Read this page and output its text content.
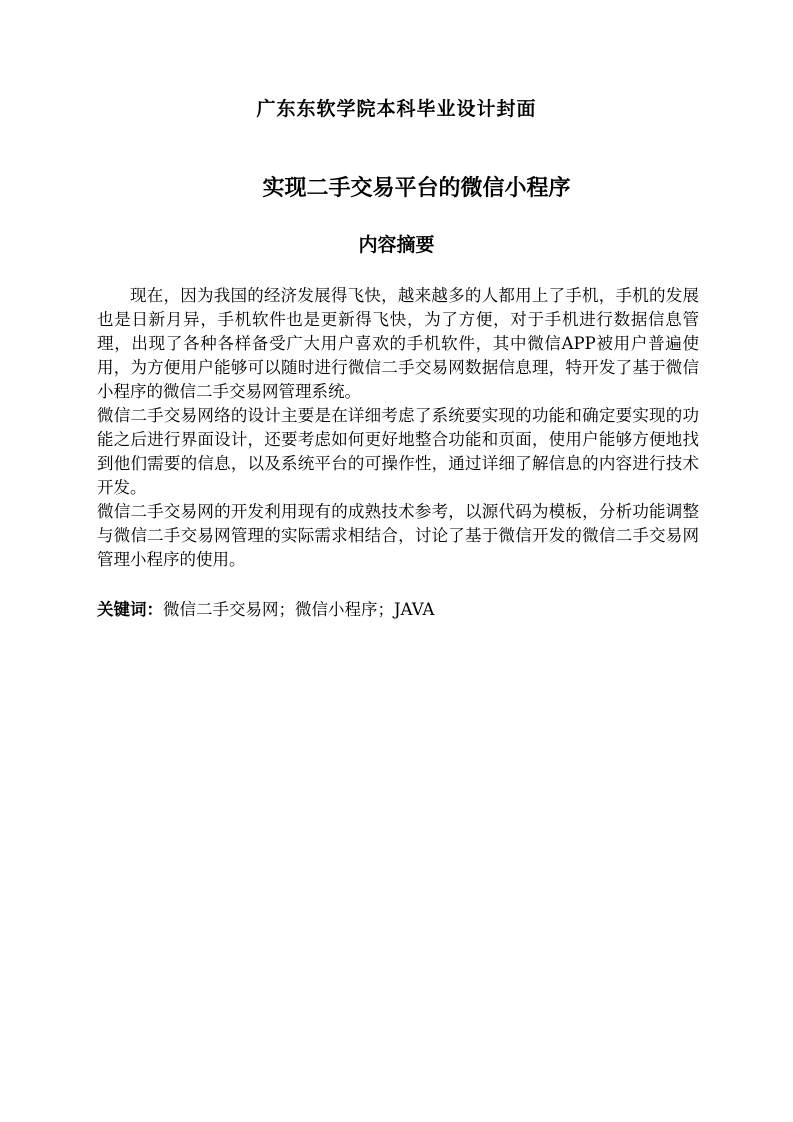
广东东软学院本科毕业设计封面
实现二手交易平台的微信小程序
内容摘要

现在，因为我国的经济发展得飞快，越来越多的人都用上了手机，手机的发展也是日新月异，手机软件也是更新得飞快，为了方便，对于手机进行数据信息管理，出现了各种各样备受广大用户喜欢的手机软件，其中微信APP被用户普遍使用，为方便用户能够可以随时进行微信二手交易网数据信息理，特开发了基于微信小程序的微信二手交易网管理系统。

微信二手交易网络的设计主要是在详细考虑了系统要实现的功能和确定要实现的功能之后进行界面设计，还要考虑如何更好地整合功能和页面，使用户能够方便地找到他们需要的信息，以及系统平台的可操作性，通过详细了解信息的内容进行技术开发。

微信二手交易网的开发利用现有的成熟技术参考，以源代码为模板，分析功能调整与微信二手交易网管理的实际需求相结合，讨论了基于微信开发的微信二手交易网管理小程序的使用。

关键词：微信二手交易网；微信小程序；JAVA
